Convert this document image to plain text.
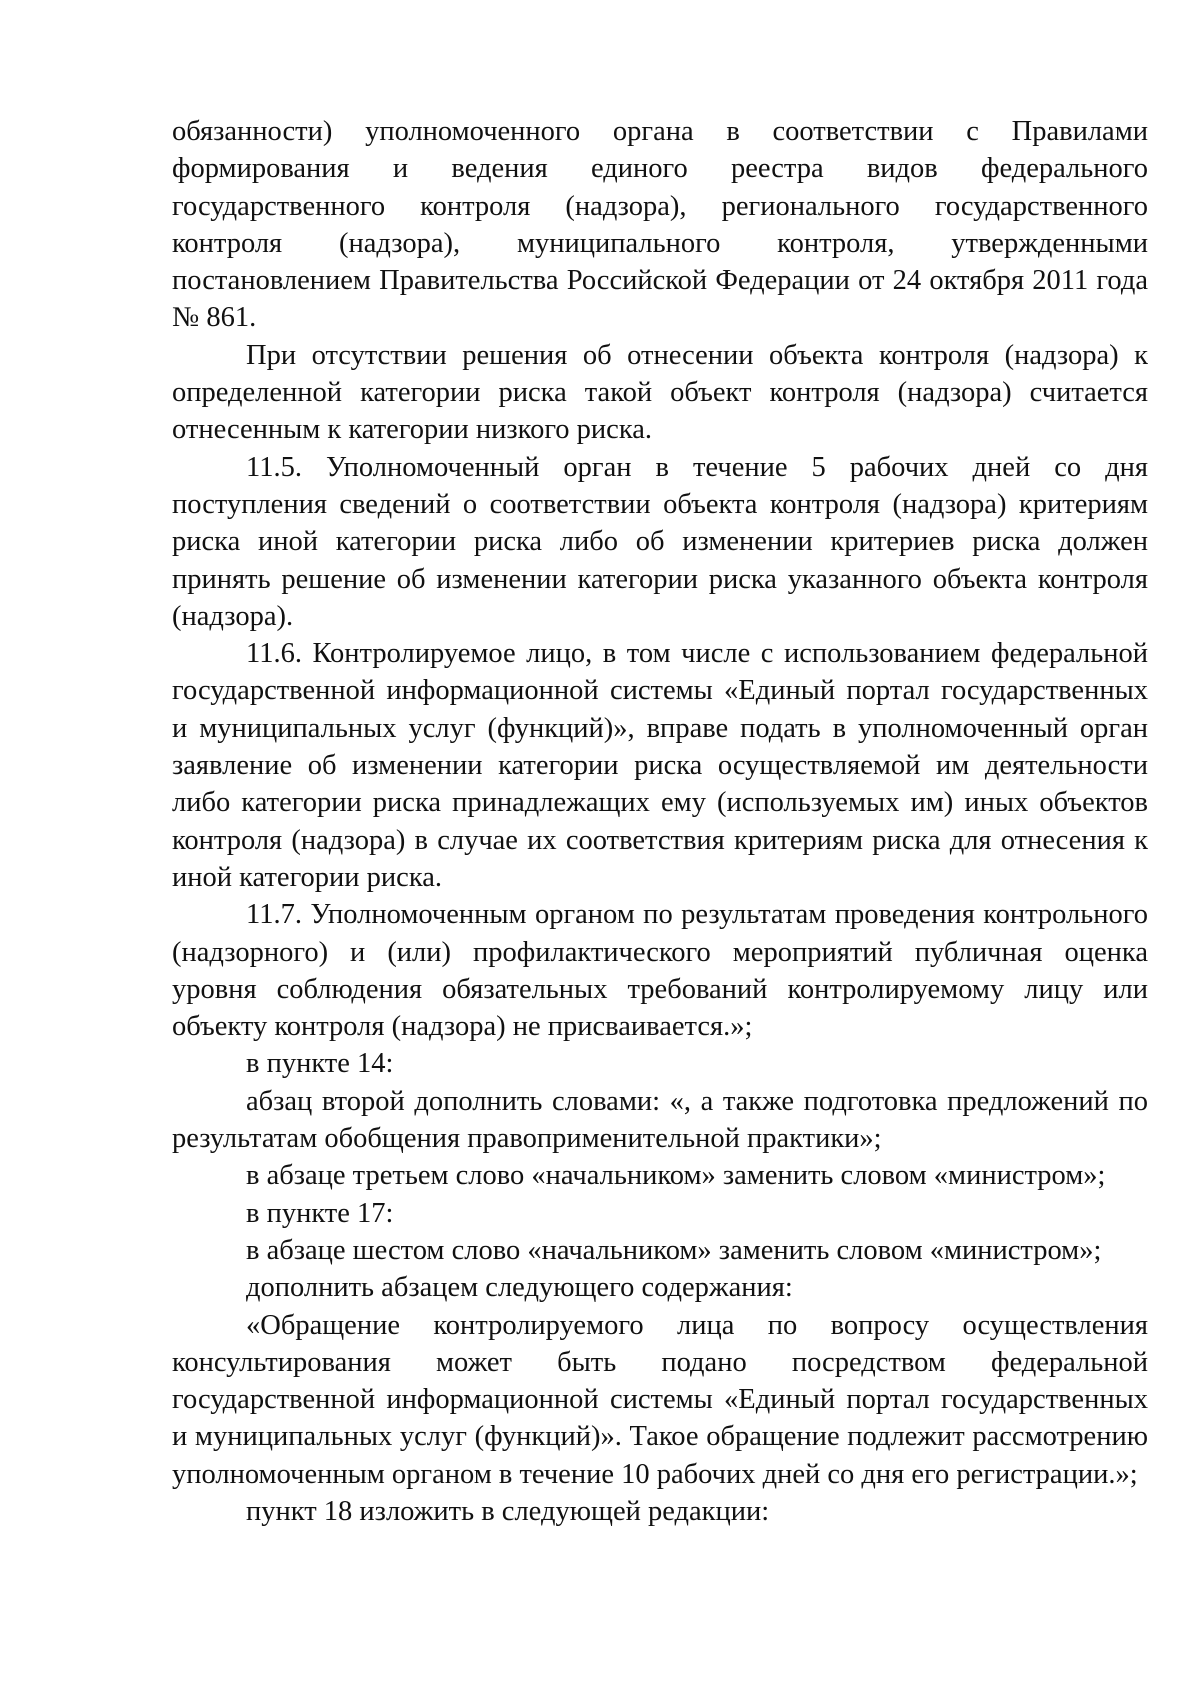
обязанности) уполномоченного органа в соответствии с Правилами формирования и ведения единого реестра видов федерального государственного контроля (надзора), регионального государственного контроля (надзора), муниципального контроля, утвержденными постановлением Правительства Российской Федерации от 24 октября 2011 года № 861.

При отсутствии решения об отнесении объекта контроля (надзора) к определенной категории риска такой объект контроля (надзора) считается отнесенным к категории низкого риска.

11.5. Уполномоченный орган в течение 5 рабочих дней со дня поступления сведений о соответствии объекта контроля (надзора) критериям риска иной категории риска либо об изменении критериев риска должен принять решение об изменении категории риска указанного объекта контроля (надзора).

11.6. Контролируемое лицо, в том числе с использованием федеральной государственной информационной системы «Единый портал государственных и муниципальных услуг (функций)», вправе подать в уполномоченный орган заявление об изменении категории риска осуществляемой им деятельности либо категории риска принадлежащих ему (используемых им) иных объектов контроля (надзора) в случае их соответствия критериям риска для отнесения к иной категории риска.

11.7. Уполномоченным органом по результатам проведения контрольного (надзорного) и (или) профилактического мероприятий публичная оценка уровня соблюдения обязательных требований контролируемому лицу или объекту контроля (надзора) не присваивается.»;

в пункте 14:

абзац второй дополнить словами: «, а также подготовка предложений по результатам обобщения правоприменительной практики»;

в абзаце третьем слово «начальником» заменить словом «министром»;

в пункте 17:

в абзаце шестом слово «начальником» заменить словом «министром»;

дополнить абзацем следующего содержания:

«Обращение контролируемого лица по вопросу осуществления консультирования может быть подано посредством федеральной государственной информационной системы «Единый портал государственных и муниципальных услуг (функций)». Такое обращение подлежит рассмотрению уполномоченным органом в течение 10 рабочих дней со дня его регистрации.»;

пункт 18 изложить в следующей редакции:
